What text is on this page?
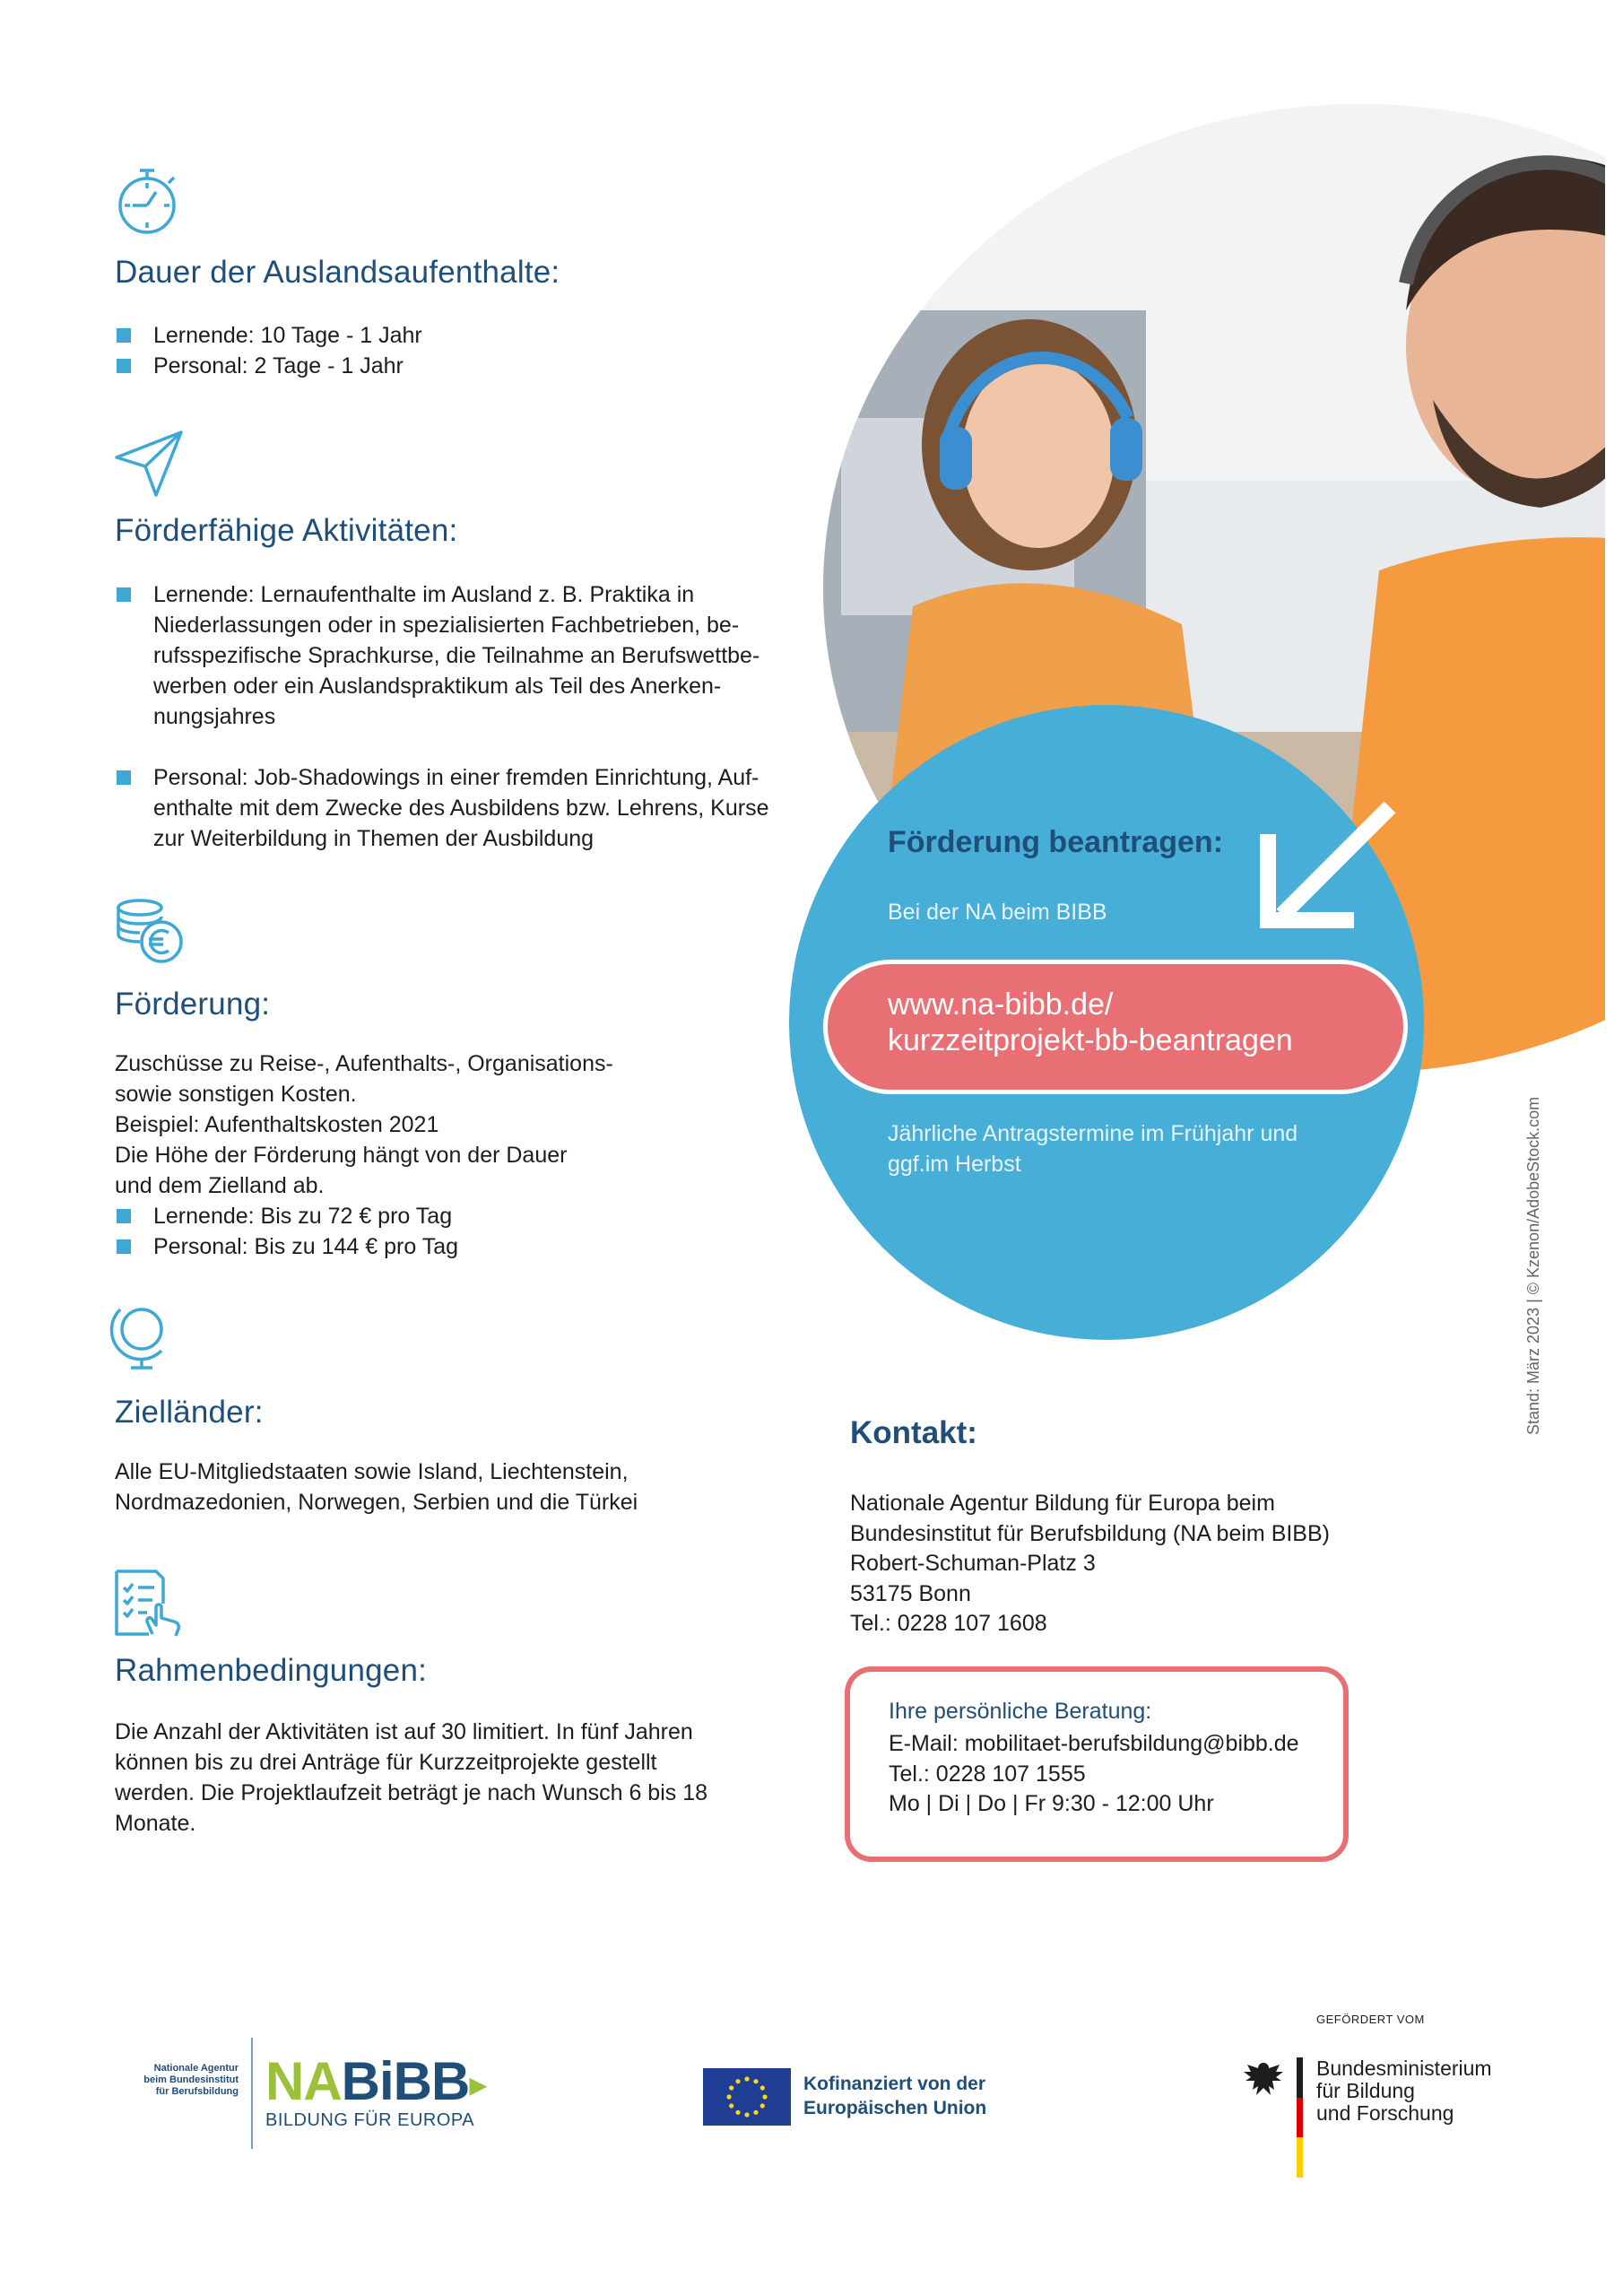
Dauer der Auslandsaufenthalte:
Lernende: 10 Tage - 1 Jahr
Personal: 2 Tage - 1 Jahr
Förderfähige Aktivitäten:
Lernende: Lernaufenthalte im Ausland z. B. Praktika in
Niederlassungen oder in spezialisierten Fachbetrieben, be-
rufsspezifische Sprachkurse, die Teilnahme an Berufswettbe-
werben oder ein Auslandspraktikum als Teil des Anerken-
nungsjahres
Personal: Job-Shadowings in einer fremden Einrichtung, Auf-
enthalte mit dem Zwecke des Ausbildens bzw. Lehrens, Kurse
zur Weiterbildung in Themen der Ausbildung
Förderung:
Zuschüsse zu Reise-, Aufenthalts-, Organisations-
sowie sonstigen Kosten.
Beispiel: Aufenthaltskosten 2021
Die Höhe der Förderung hängt von der Dauer
und dem Zielland ab.
Lernende: Bis zu 72 € pro Tag
Personal: Bis zu 144 € pro Tag
Zielländer:
Alle EU-Mitgliedstaaten sowie Island, Liechtenstein,
Nordmazedonien, Norwegen, Serbien und die Türkei
Rahmenbedingungen:
Die Anzahl der Aktivitäten ist auf 30 limitiert. In fünf Jahren
können bis zu drei Anträge für Kurzzeitprojekte gestellt
werden. Die Projektlaufzeit beträgt je nach Wunsch 6 bis 18
Monate.
Förderung beantragen:
Bei der NA beim BIBB
www.na-bibb.de/
kurzzeitprojekt-bb-beantragen
Jährliche Antragstermine im Frühjahr und
ggf.im Herbst	Stand: März 2023 | © Kzenon/AdobeStock.com
Kontakt:
Nationale Agentur Bildung für Europa beim
Bundesinstitut für Berufsbildung (NA beim BIBB)
Robert-Schuman-Platz 3
53175 Bonn
Tel.: 0228 107 1608
Ihre persönliche Beratung:
E-Mail: mobilitaet-berufsbildung@bibb.de
Tel.: 0228 107 1555
Mo | Di | Do | Fr 9:30 - 12:00 Uhr
Nationale Agentur
beim Bundesinstitut
für Berufsbildung NABiBB▶
BILDUNG FÜR EUROPA
Kofinanziert von der
Europäischen Union
GEFÖRDERT VOM
Bundesministerium
für Bildung
und Forschung
